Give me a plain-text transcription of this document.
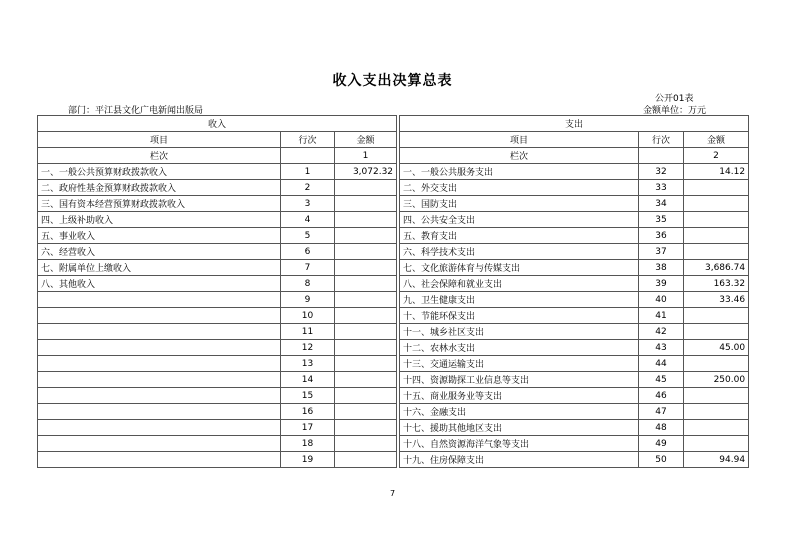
收入支出决算总表
公开01表
部门：平江县文化广电新闻出版局	金额单位：万元
收入				支出		
项目	行次	金额		项目	行次	金额
栏次		1		栏次		2
一、一般公共预算财政拨款收入	1	3,072.32		一、一般公共服务支出	32	14.12
二、政府性基金预算财政拨款收入	2			二、外交支出	33	
三、国有资本经营预算财政拨款收入	3			三、国防支出	34	
四、上级补助收入	4			四、公共安全支出	35	
五、事业收入	5			五、教育支出	36	
六、经营收入	6			六、科学技术支出	37	
七、附属单位上缴收入	7			七、文化旅游体育与传媒支出	38	3,686.74
八、其他收入	8			八、社会保障和就业支出	39	163.32
	9			九、卫生健康支出	40	33.46
	10			十、节能环保支出	41	
	11			十一、城乡社区支出	42	
	12			十二、农林水支出	43	45.00
	13			十三、交通运输支出	44	
	14			十四、资源勘探工业信息等支出	45	250.00
	15			十五、商业服务业等支出	46	
	16			十六、金融支出	47	
	17			十七、援助其他地区支出	48	
	18			十八、自然资源海洋气象等支出	49	
	19			十九、住房保障支出	50	94.94
7
